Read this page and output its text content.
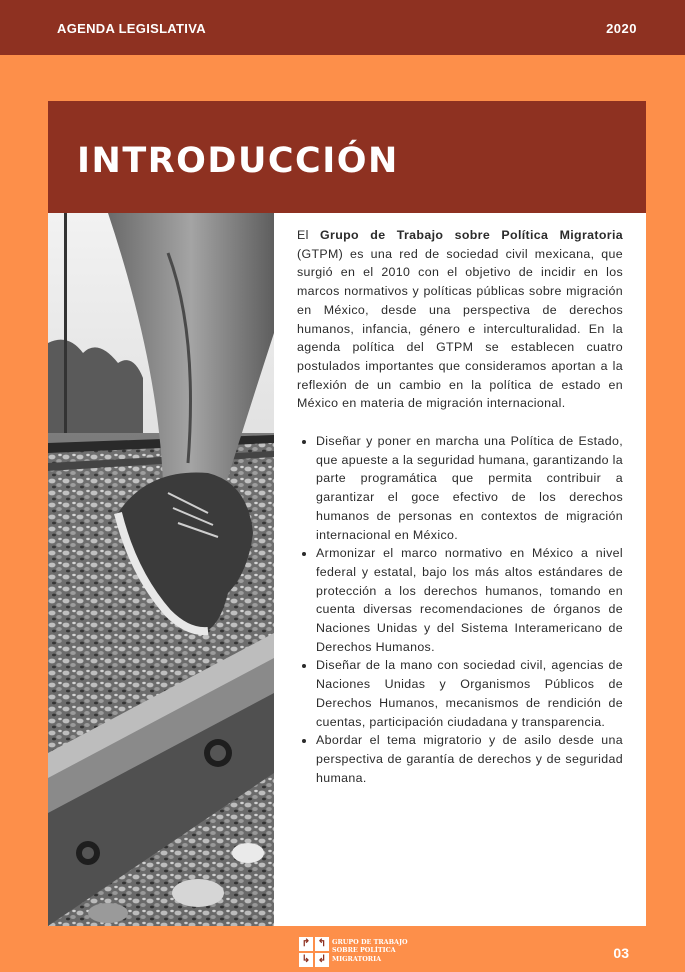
AGENDA LEGISLATIVA	2020
INTRODUCCIÓN

El Grupo de Trabajo sobre Política Migratoria (GTPM) es una red de sociedad civil mexicana, que surgió en el 2010 con el objetivo de incidir en los marcos normativos y políticas públicas sobre migración en México, desde una perspectiva de derechos humanos, infancia, género e interculturalidad. En la agenda política del GTPM se establecen cuatro postulados importantes que consideramos aportan a la reflexión de un cambio en la política de estado en México en materia de migración internacional.

• Diseñar y poner en marcha una Política de Estado, que apueste a la seguridad humana, garantizando la parte programática que permita contribuir a garantizar el goce efectivo de los derechos humanos de personas en contextos de migración internacional en México.
• Armonizar el marco normativo en México a nivel federal y estatal, bajo los más altos estándares de protección a los derechos humanos, tomando en cuenta diversas recomendaciones de órganos de Naciones Unidas y del Sistema Interamericano de Derechos Humanos.
• Diseñar de la mano con sociedad civil, agencias de Naciones Unidas y Organismos Públicos de Derechos Humanos, mecanismos de rendición de cuentas, participación ciudadana y transparencia.
• Abordar el tema migratorio y de asilo desde una perspectiva de garantía de derechos y de seguridad humana.
↱ ↰
↳ ↲
GRUPO DE TRABAJO
SOBRE POLÍTICA
MIGRATORIA	03
